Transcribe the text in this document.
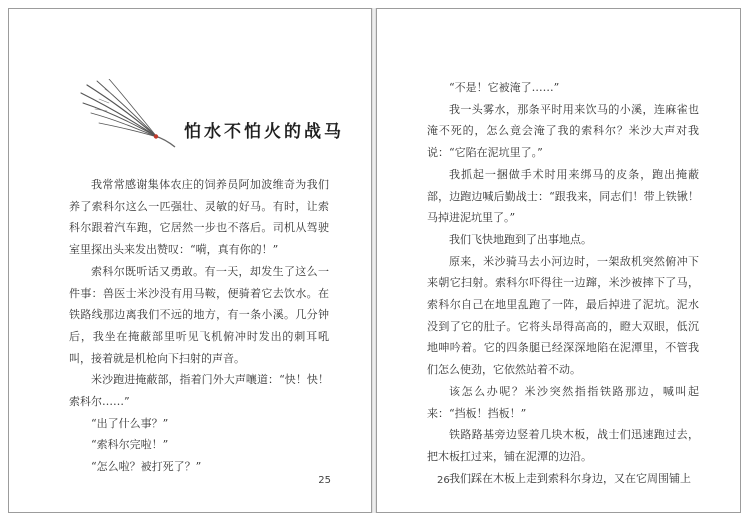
怕水不怕火的战马

我常常感谢集体农庄的饲养员阿加波维奇为我们养了索科尔这么一匹强壮、灵敏的好马。有时，让索科尔跟着汽车跑，它居然一步也不落后。司机从驾驶室里探出头来发出赞叹：“嗬，真有你的！”

索科尔既听话又勇敢。有一天，却发生了这么一件事：兽医士米沙没有用马鞍，便骑着它去饮水。在铁路线那边离我们不远的地方，有一条小溪。几分钟后，我坐在掩蔽部里听见飞机俯冲时发出的刺耳吼叫，接着就是机枪向下扫射的声音。

米沙跑进掩蔽部，指着门外大声嚷道：“快！快！索科尔……”

“出了什么事？”

“索科尔完啦！”

“怎么啦？被打死了？”

25

“不是！它被淹了……”

我一头雾水，那条平时用来饮马的小溪，连麻雀也淹不死的，怎么竟会淹了我的索科尔？米沙大声对我说：“它陷在泥坑里了。”

我抓起一捆做手术时用来绑马的皮条，跑出掩蔽部，边跑边喊后勤战士：“跟我来，同志们！带上铁锹！马掉进泥坑里了。”

我们飞快地跑到了出事地点。

原来，米沙骑马去小河边时，一架敌机突然俯冲下来朝它扫射。索科尔吓得往一边蹿，米沙被摔下了马，索科尔自己在地里乱跑了一阵，最后掉进了泥坑。泥水没到了它的肚子。它将头昂得高高的，瞪大双眼，低沉地呻吟着。它的四条腿已经深深地陷在泥潭里，不管我们怎么使劲，它依然站着不动。

该怎么办呢？米沙突然指指铁路那边，喊叫起来：“挡板！挡板！”

铁路路基旁边竖着几块木板，战士们迅速跑过去，把木板扛过来，铺在泥潭的边沿。

我们踩在木板上走到索科尔身边，又在它周围铺上

26
